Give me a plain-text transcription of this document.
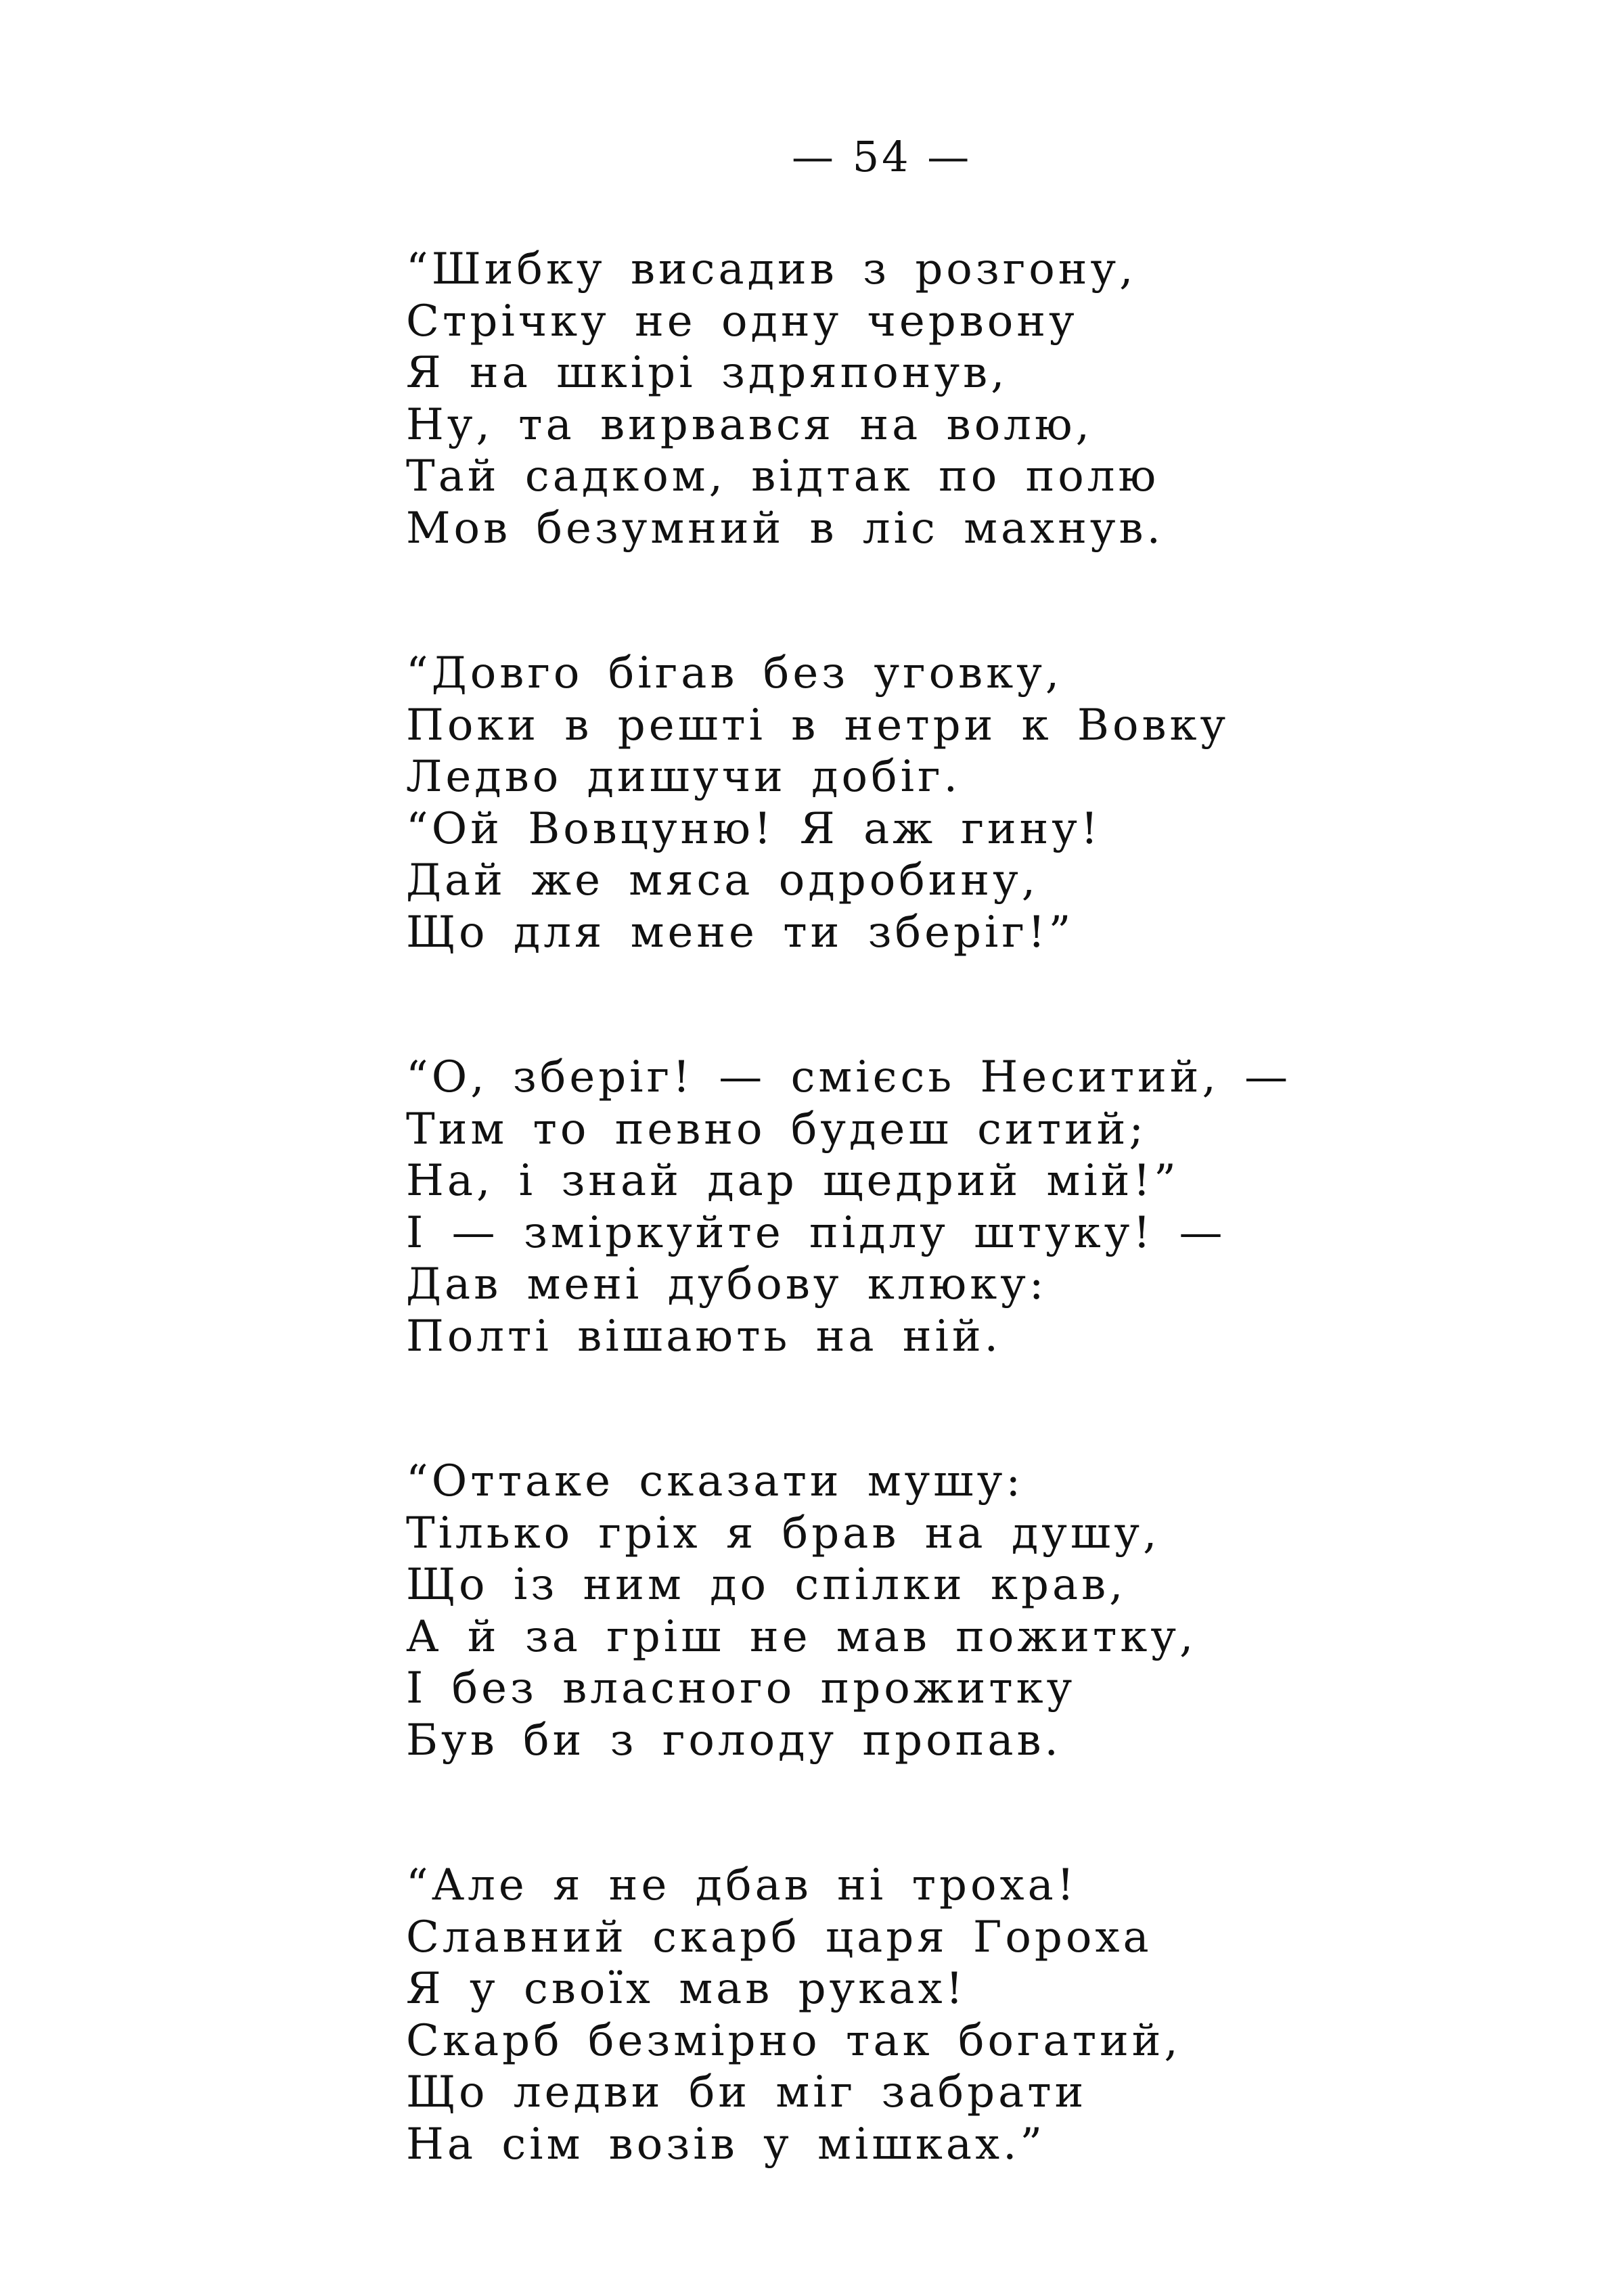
— 54 —
“Шибку висадив з розгону,
Стрічку не одну червону
Я на шкірі здряпонув,
Ну, та вирвався на волю,
Тай садком, відтак по полю
Мов безумний в ліс махнув.
“Довго бігав без уговку,
Поки в решті в нетри к Вовку
Ледво дишучи добіг.
“Ой Вовцуню! Я аж гину!
Дай же мяса одробину,
Що для мене ти зберіг!”
“О, зберіг! — смієсь Неситий, —
Тим то певно будеш ситий;
На, і знай дар щедрий мій!”
І — зміркуйте підлу штуку! —
Дав мені дубову клюку:
Полті вішають на ній.
“Оттаке сказати мушу:
Тілько гріх я брав на душу,
Що із ним до спілки крав,
А й за гріш не мав пожитку,
І без власного прожитку
Був би з голоду пропав.
“Але я не дбав ні троха!
Славний скарб царя Гороха
Я у своїх мав руках!
Скарб безмірно так богатий,
Що ледви би міг забрати
На сім возів у мішках.”
